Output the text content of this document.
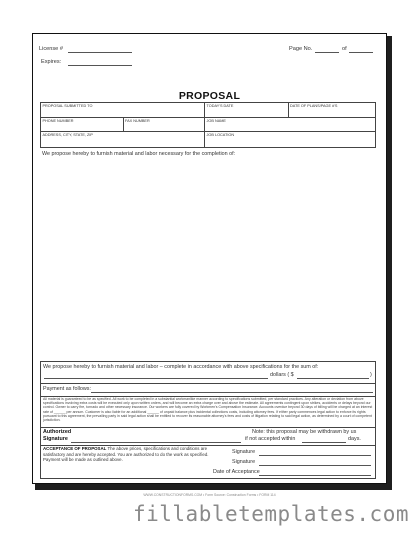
License #
Expires:
Page No.	of
PROPOSAL
PROPOSAL SUBMITTED TO	TODAY'S DATE	DATE OF PLANS/PAGE #'S
PHONE NUMBER	FAX NUMBER	JOB NAME
ADDRESS, CITY, STATE, ZIP	JOB LOCATION
We propose hereby to furnish material and labor necessary for the completion of:
We propose hereby to furnish material and labor – complete in accordance with above specifications for the sum of:
dollars ( $	)
Payment as follows:
All material is guaranteed to be as specified. All work to be completed in a substantial workmanlike manner according to specifications submitted, per standard practices. Any alteration or deviation from above specifications involving extra costs will be executed only upon written orders, and will become an extra charge over and above the estimate. All agreements contingent upon strikes, accidents or delays beyond our control. Owner to carry fire, tornado and other necessary insurance. Our workers are fully covered by Workmen's Compensation Insurance. Accounts overdue beyond 30 days of billing will be charged at an interest rate of ______ per annum. Customer is also liable for an additional ______ of unpaid balance plus incidental collections costs, including attorney fees. If either party commences legal action to enforce its rights pursuant to this agreement, the prevailing party in said legal action shall be entitled to recover its reasonable attorney's fees and costs of litigation relating to said legal action, as determined by a court of competent jurisdiction.
Authorized
Signature
Note: this proposal may be withdrawn by us
if not accepted within	days.
ACCEPTANCE OF PROPOSAL The above prices, specifications and conditions are satisfactory and are hereby accepted. You are authorized to do the work as specified. Payment will be made as outlined above.
Signature
Signature
Date of Acceptance
WWW.CONSTRUCTIONFORMS.COM • Form Source: Construction Forms • FORM 114
fillabletemplates.com
